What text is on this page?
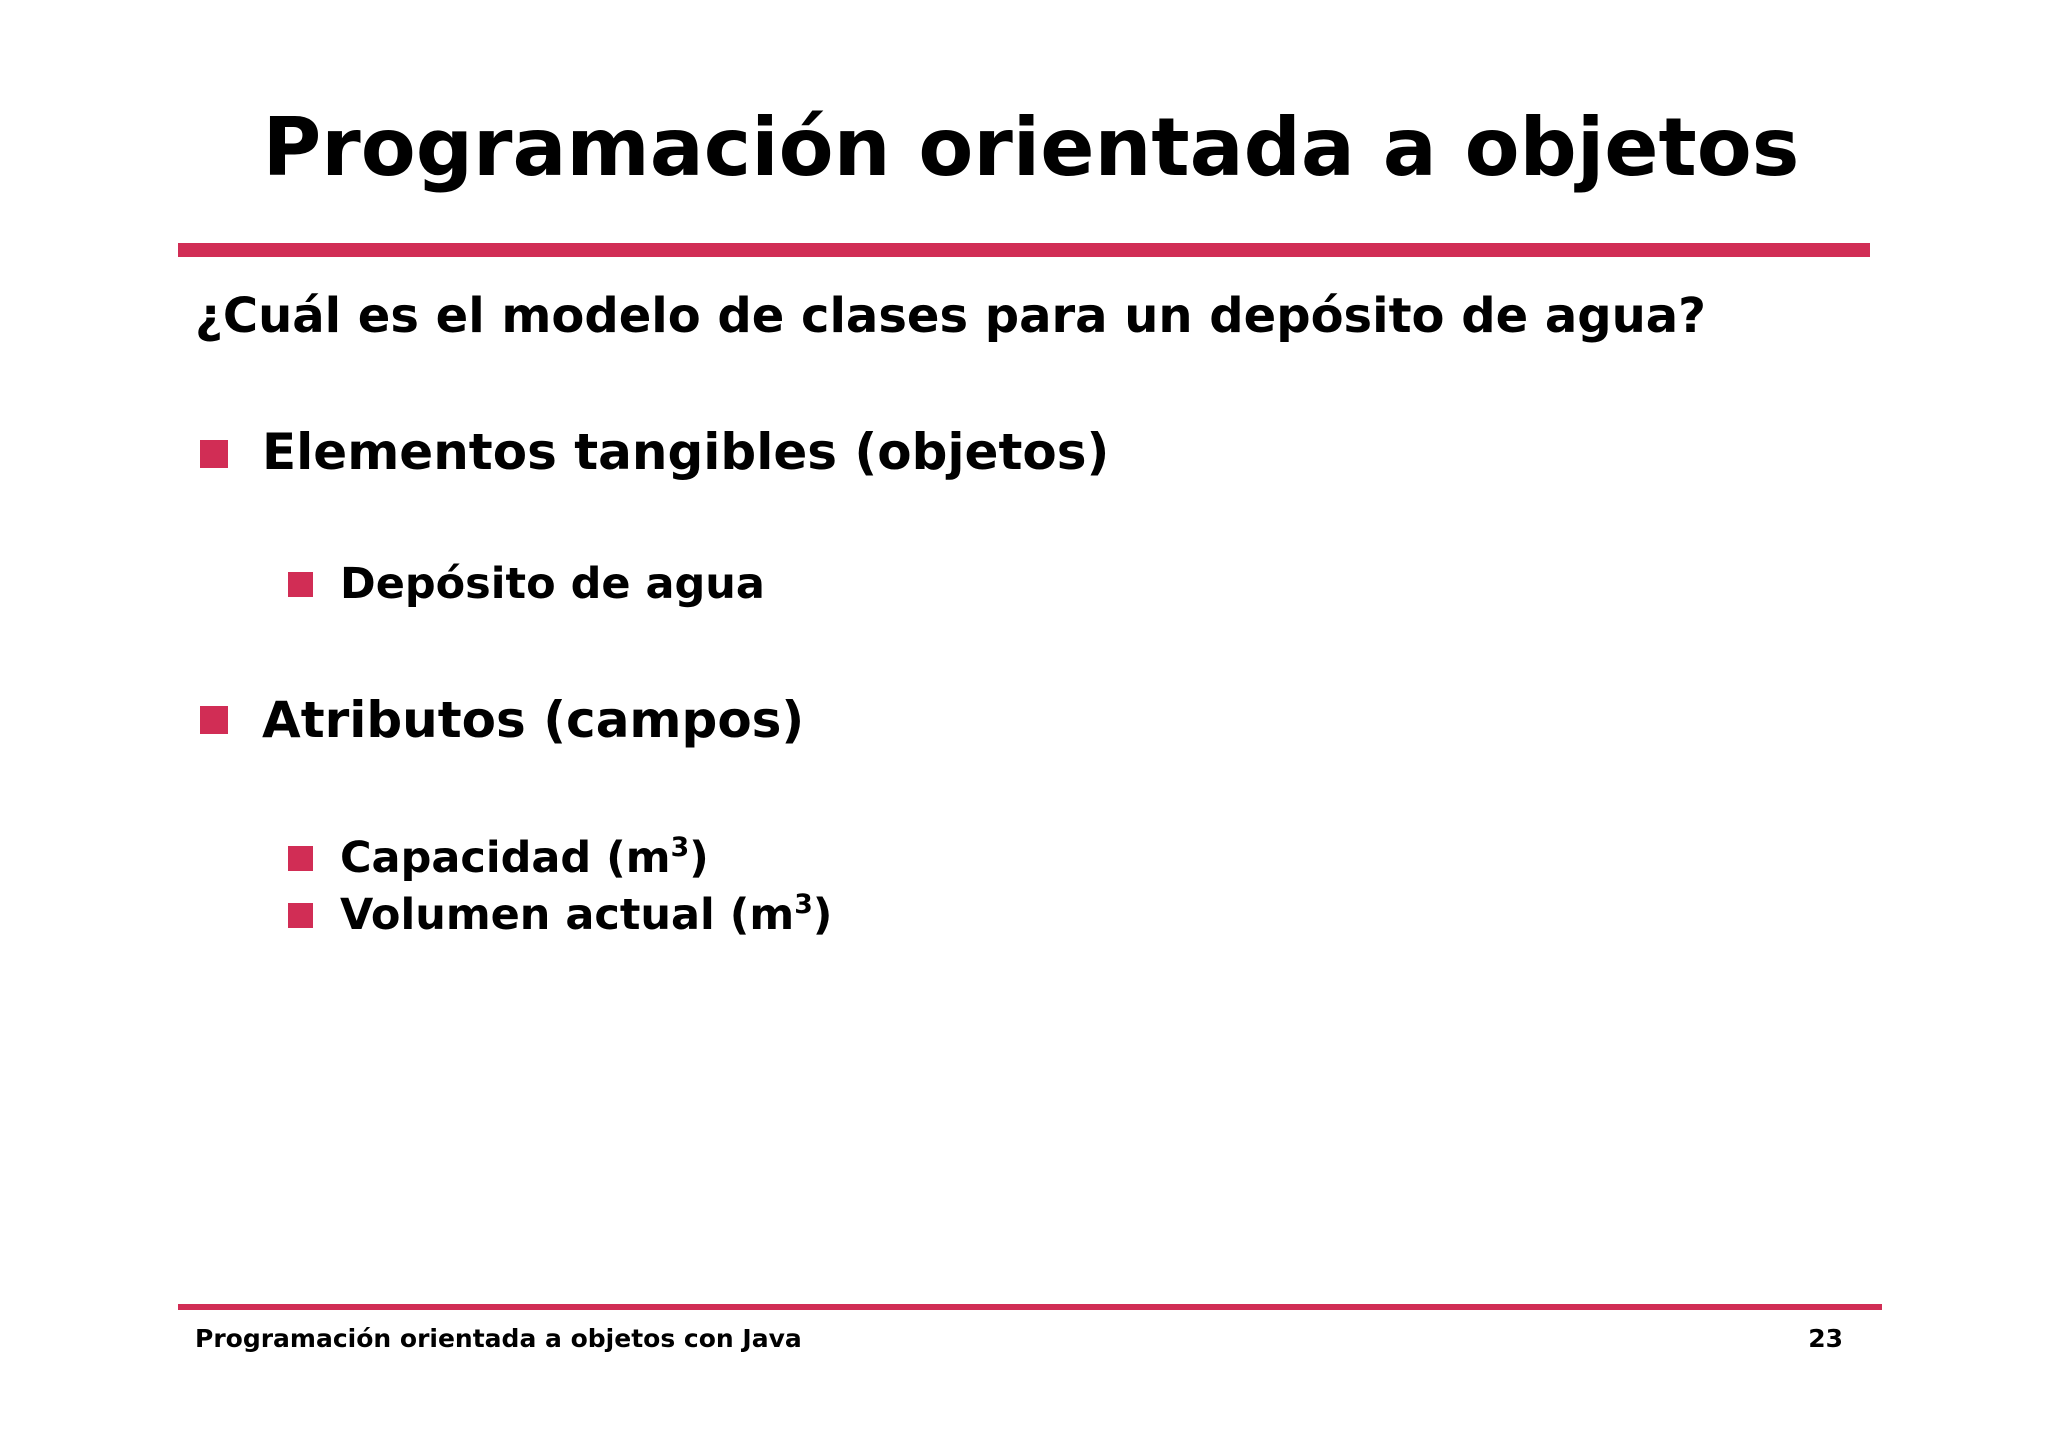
Programación orientada a objetos
¿Cuál es el modelo de clases para un depósito de agua?
Elementos tangibles (objetos)
Depósito de agua
Atributos (campos)
Capacidad $(m^3)$
Volumen actual $(m^3)$
Programación orientada a objetos con Java	23
